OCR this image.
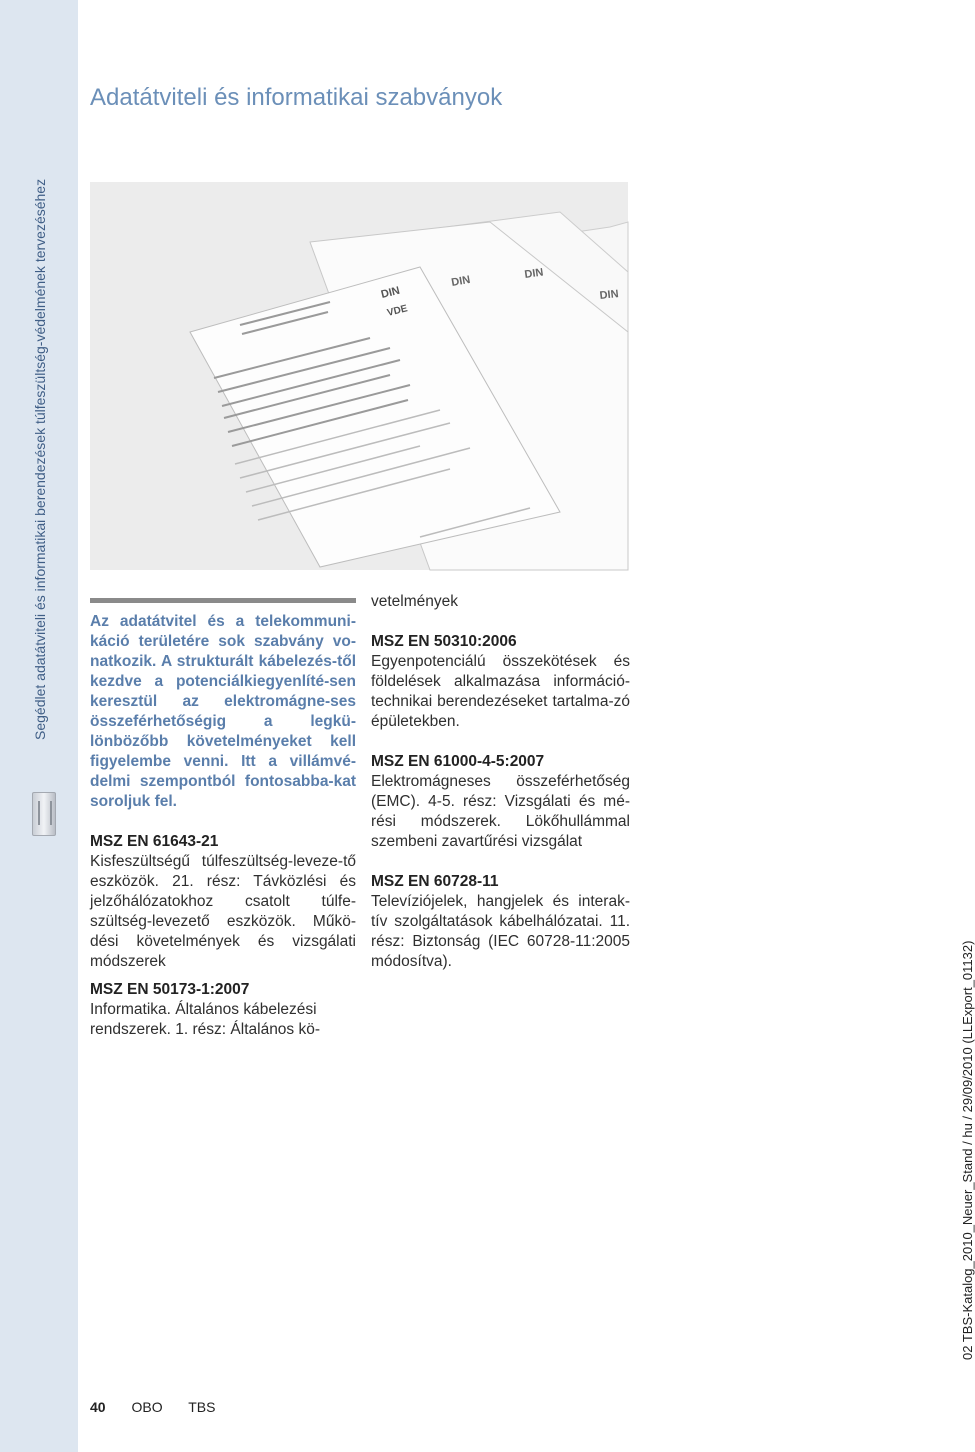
Segédlet adatátviteli és informatikai berendezések túlfeszültség-védelmének tervezéséhez
Adatátviteli és informatikai szabványok
DIN
VDE
DIN
DIN
DIN

Az adatátvitel és a telekommuni-káció területére sok szabvány vo-natkozik. A strukturált kábelezés-től kezdve a potenciálkiegyenlíté-sen keresztül az elektromágne-ses összeférhetőségig a legkü-lönbözőbb követelményeket kell figyelembe venni. Itt a villámvé-delmi szempontból fontosabba-kat soroljuk fel.

MSZ EN 61643-21

Kisfeszültségű túlfeszültség-leveze-tő eszközök. 21. rész: Távközlési és jelzőhálózatokhoz csatolt túlfe-szültség-levezető eszközök. Műkö-dési követelmények és vizsgálati módszerek

MSZ EN 50173-1:2007

Informatika. Általános kábelezési rendszerek. 1. rész: Általános kö-

vetelmények

MSZ EN 50310:2006

Egyenpotenciálú összekötések és földelések alkalmazása információ-technikai berendezéseket tartalma-zó épületekben.

MSZ EN 61000-4-5:2007

Elektromágneses összeférhetőség (EMC). 4-5. rész: Vizsgálati és mé-rési módszerek. Lökőhullámmal szembeni zavartűrési vizsgálat

MSZ EN 60728-11

Televíziójelek, hangjelek és interak-tív szolgáltatások kábelhálózatai. 11. rész: Biztonság (IEC 60728-11:2005 módosítva).

40 OBO TBS
02 TBS-Katalog_2010_Neuer_Stand / hu / 29/09/2010 (LLExport_01132)
